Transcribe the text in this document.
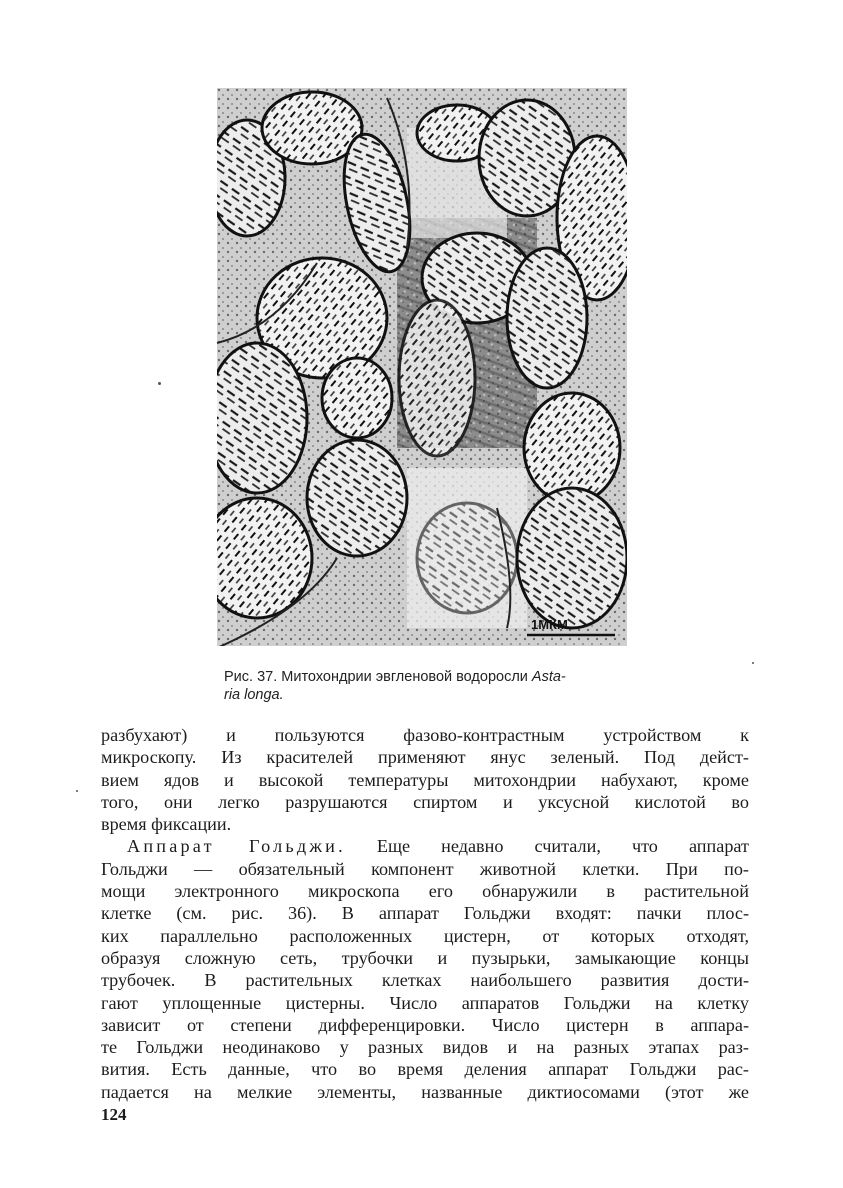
1МКМ
Рис. 37. Митохондрии эвгленовой водоросли Asta-
ria longa.

разбухают) и пользуются фазово-контрастным устройством к
микроскопу. Из красителей применяют янус зеленый. Под дейст-
вием ядов и высокой температуры митохондрии набухают, кроме
того, они легко разрушаются спиртом и уксусной кислотой во
время фиксации.

Аппарат Гольджи. Еще недавно считали, что аппарат
Гольджи — обязательный компонент животной клетки. При по-
мощи электронного микроскопа его обнаружили в растительной
клетке (см. рис. 36). В аппарат Гольджи входят: пачки плос-
ких параллельно расположенных цистерн, от которых отходят,
образуя сложную сеть, трубочки и пузырьки, замыкающие концы
трубочек. В растительных клетках наибольшего развития дости-
гают уплощенные цистерны. Число аппаратов Гольджи на клетку
зависит от степени дифференцировки. Число цистерн в аппара-
те Гольджи неодинаково у разных видов и на разных этапах раз-
вития. Есть данные, что во время деления аппарат Гольджи рас-
падается на мелкие элементы, названные диктиосомами (этот же

124
